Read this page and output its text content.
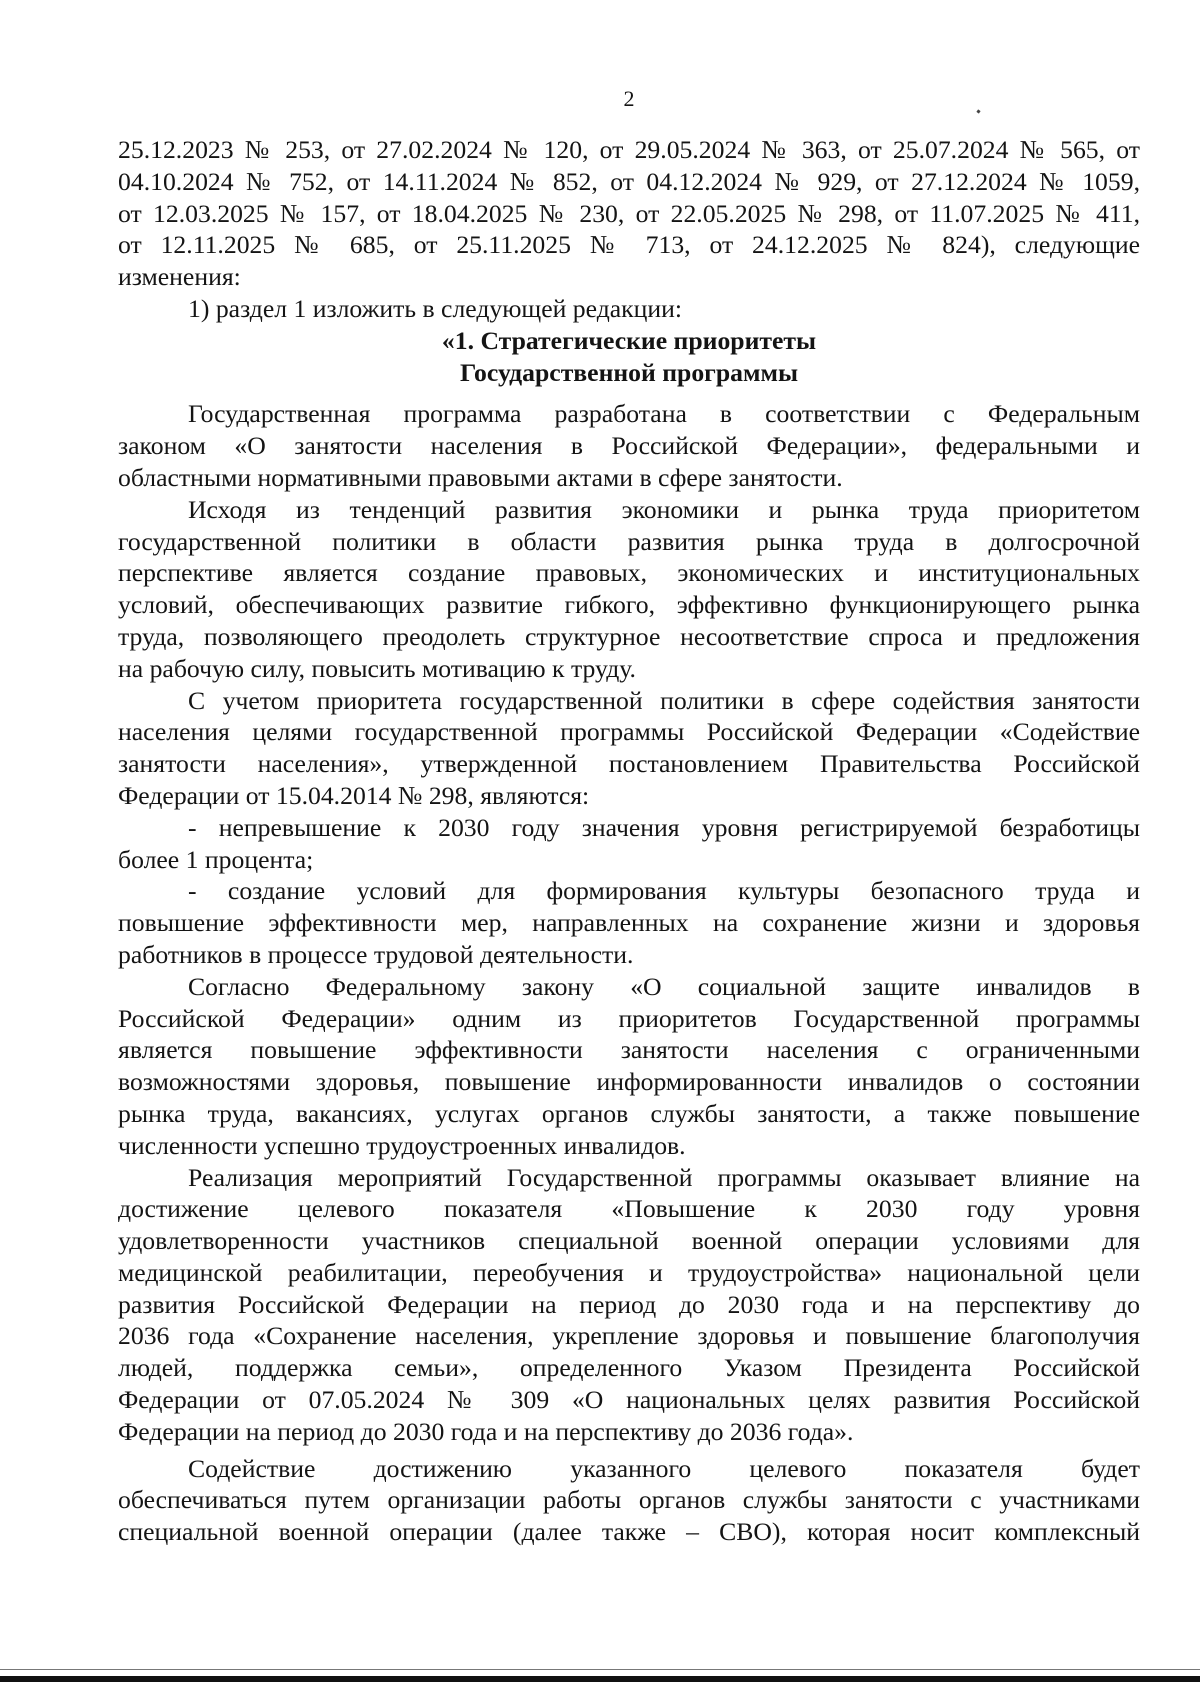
2
25.12.2023 № 253, от 27.02.2024 № 120, от 29.05.2024 № 363, от 25.07.2024 № 565, от
04.10.2024 № 752, от 14.11.2024 № 852, от 04.12.2024 № 929, от 27.12.2024 № 1059,
от 12.03.2025 № 157, от 18.04.2025 № 230, от 22.05.2025 № 298, от 11.07.2025 № 411,
от 12.11.2025 № 685, от 25.11.2025 № 713, от 24.12.2025 № 824), следующие
изменения:
1) раздел 1 изложить в следующей редакции:
«1. Стратегические приоритеты
Государственной программы
Государственная программа разработана в соответствии с Федеральным
законом «О занятости населения в Российской Федерации», федеральными и
областными нормативными правовыми актами в сфере занятости.
Исходя из тенденций развития экономики и рынка труда приоритетом
государственной политики в области развития рынка труда в долгосрочной
перспективе является создание правовых, экономических и институциональных
условий, обеспечивающих развитие гибкого, эффективно функционирующего рынка
труда, позволяющего преодолеть структурное несоответствие спроса и предложения
на рабочую силу, повысить мотивацию к труду.
С учетом приоритета государственной политики в сфере содействия занятости
населения целями государственной программы Российской Федерации «Содействие
занятости населения», утвержденной постановлением Правительства Российской
Федерации от 15.04.2014 № 298, являются:
- непревышение к 2030 году значения уровня регистрируемой безработицы
более 1 процента;
- создание условий для формирования культуры безопасного труда и
повышение эффективности мер, направленных на сохранение жизни и здоровья
работников в процессе трудовой деятельности.
Согласно Федеральному закону «О социальной защите инвалидов в
Российской Федерации» одним из приоритетов Государственной программы
является повышение эффективности занятости населения с ограниченными
возможностями здоровья, повышение информированности инвалидов о состоянии
рынка труда, вакансиях, услугах органов службы занятости, а также повышение
численности успешно трудоустроенных инвалидов.
Реализация мероприятий Государственной программы оказывает влияние на
достижение целевого показателя «Повышение к 2030 году уровня
удовлетворенности участников специальной военной операции условиями для
медицинской реабилитации, переобучения и трудоустройства» национальной цели
развития Российской Федерации на период до 2030 года и на перспективу до
2036 года «Сохранение населения, укрепление здоровья и повышение благополучия
людей, поддержка семьи», определенного Указом Президента Российской
Федерации от 07.05.2024 № 309 «О национальных целях развития Российской
Федерации на период до 2030 года и на перспективу до 2036 года».
Содействие достижению указанного целевого показателя будет
обеспечиваться путем организации работы органов службы занятости с участниками
специальной военной операции (далее также – СВО), которая носит комплексный
